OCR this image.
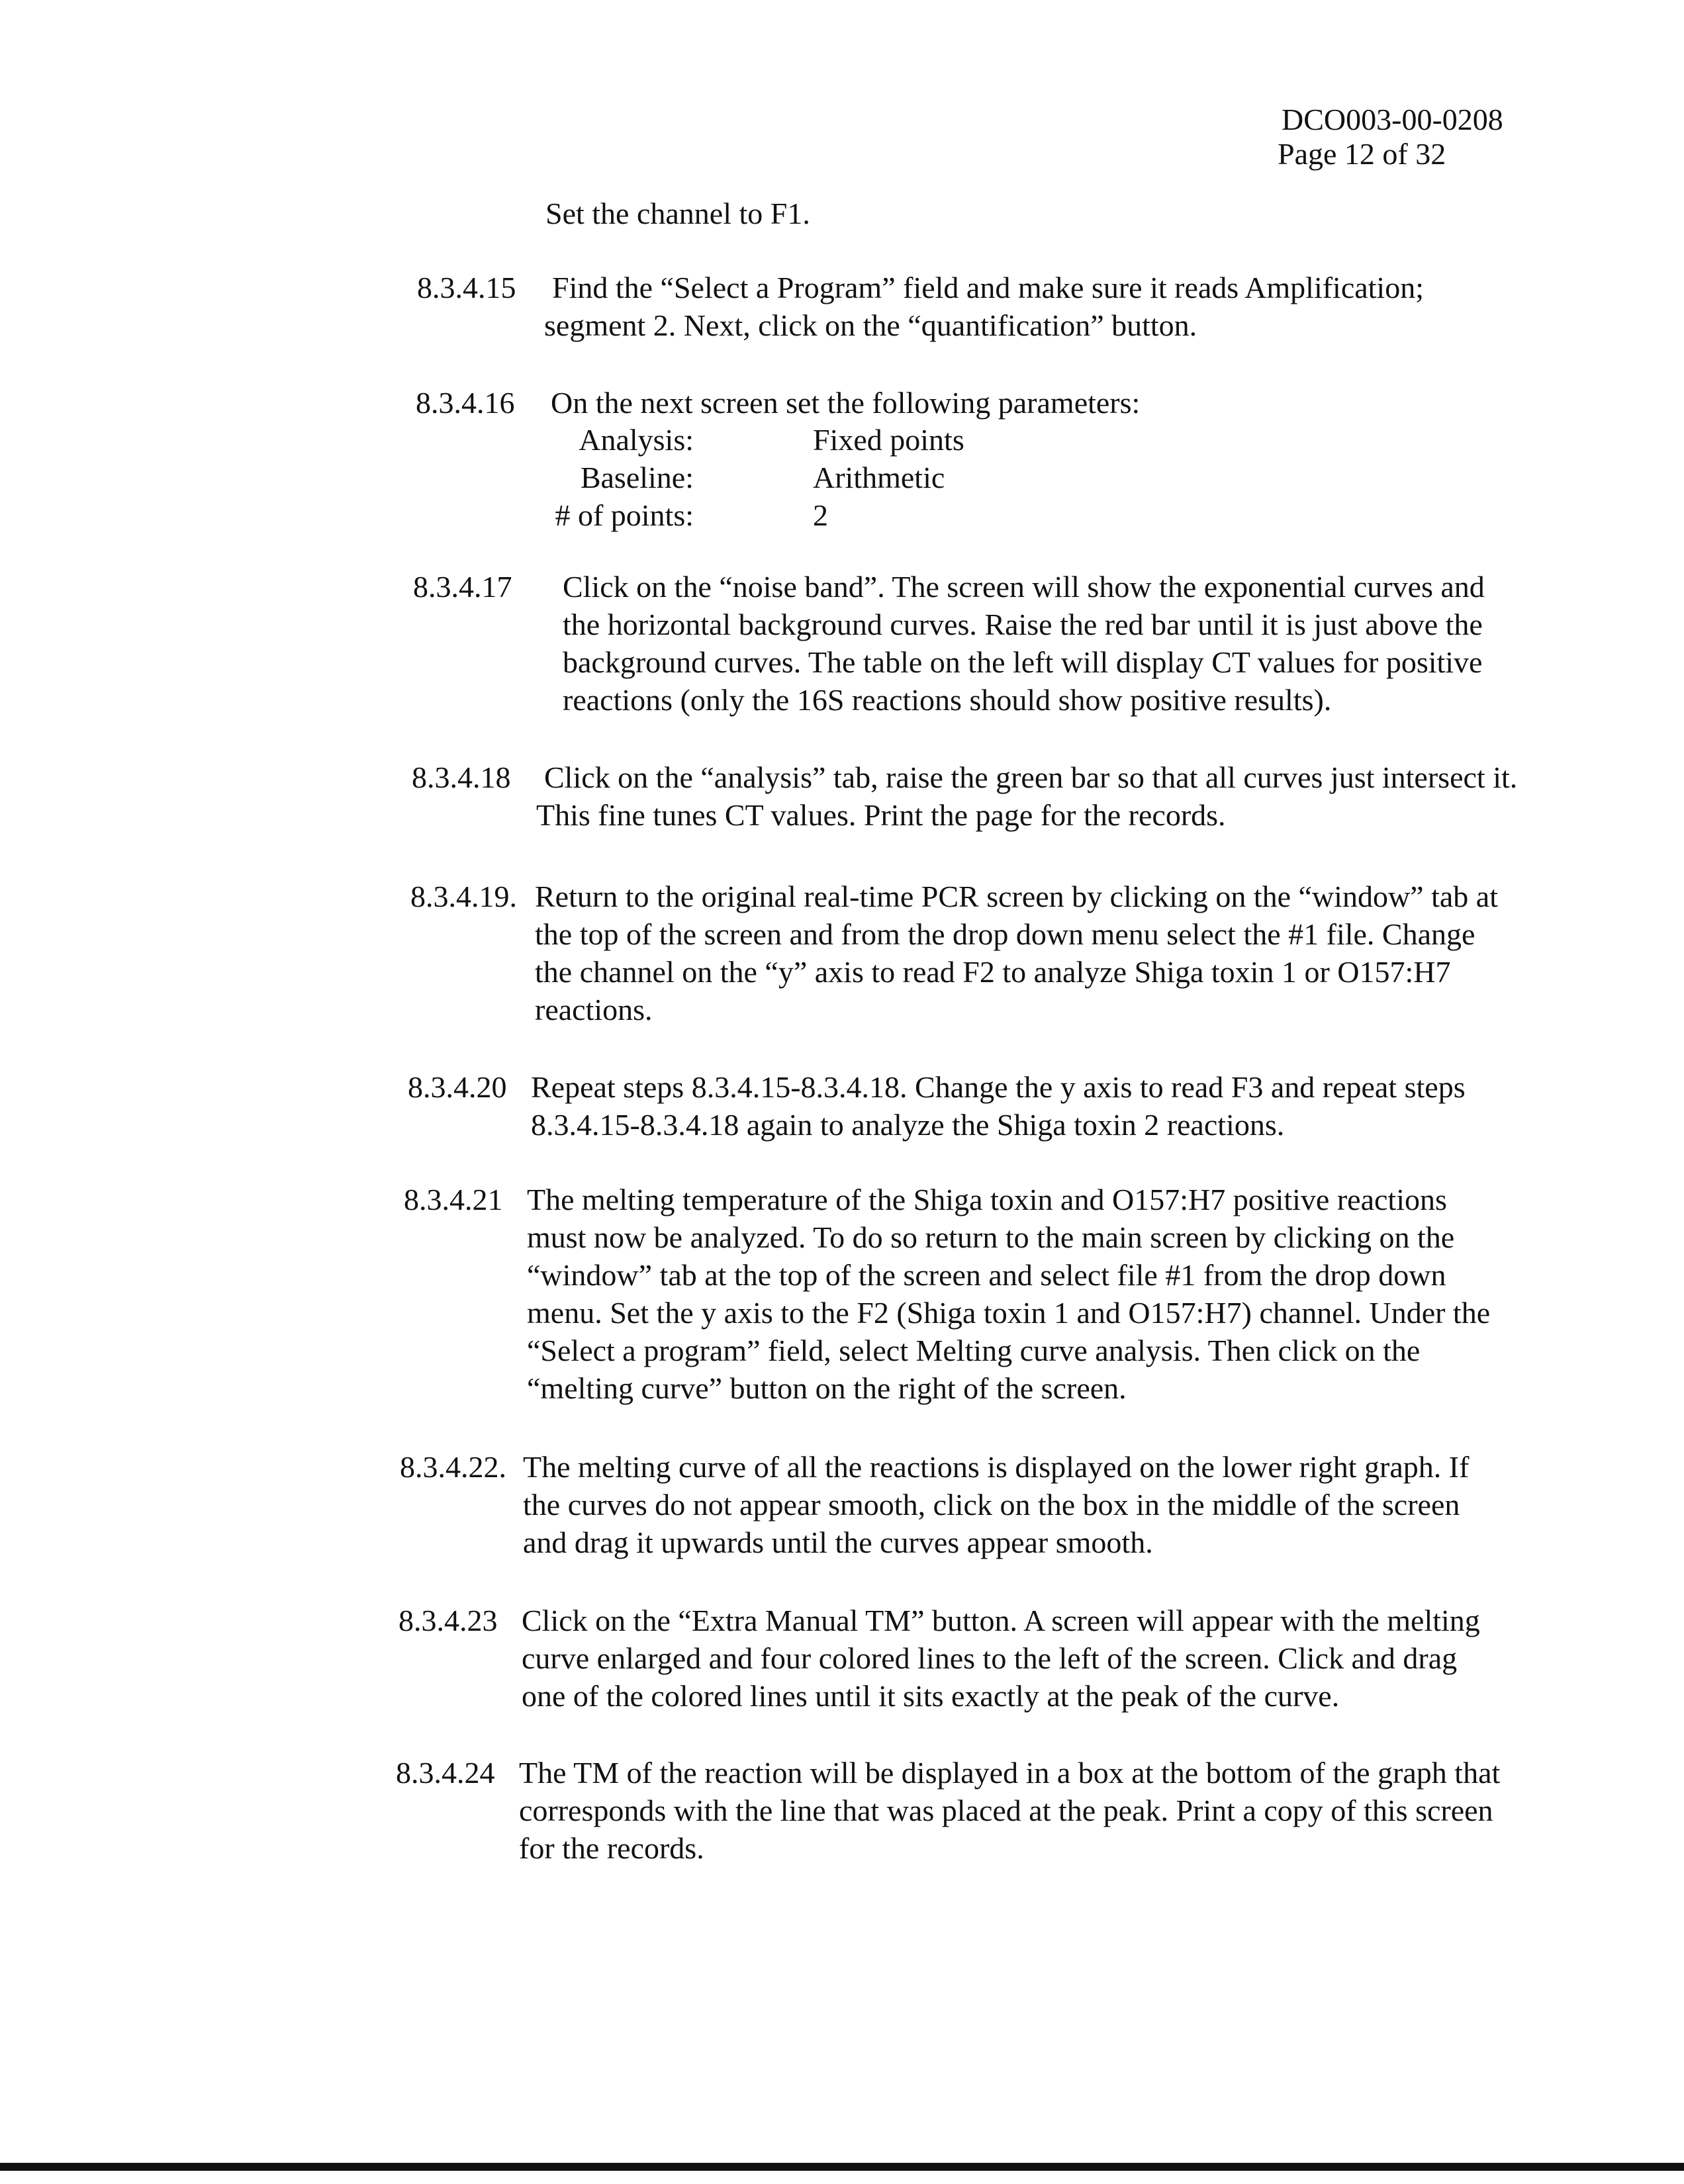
DCO003-00-0208
Page 12 of 32
Set the channel to F1.
8.3.4.15 Find the “Select a Program” field and make sure it reads Amplification;
segment 2. Next, click on the “quantification” button.
8.3.4.16 On the next screen set the following parameters:
Analysis:	Fixed points
Baseline:	Arithmetic
# of points:	2
8.3.4.17 Click on the “noise band”. The screen will show the exponential curves and
the horizontal background curves. Raise the red bar until it is just above the
background curves. The table on the left will display CT values for positive
reactions (only the 16S reactions should show positive results).
8.3.4.18 Click on the “analysis” tab, raise the green bar so that all curves just intersect it.
This fine tunes CT values. Print the page for the records.
8.3.4.19. Return to the original real-time PCR screen by clicking on the “window” tab at
the top of the screen and from the drop down menu select the #1 file. Change
the channel on the “y” axis to read F2 to analyze Shiga toxin 1 or O157:H7
reactions.
8.3.4.20 Repeat steps 8.3.4.15-8.3.4.18. Change the y axis to read F3 and repeat steps
8.3.4.15-8.3.4.18 again to analyze the Shiga toxin 2 reactions.
8.3.4.21 The melting temperature of the Shiga toxin and O157:H7 positive reactions
must now be analyzed. To do so return to the main screen by clicking on the
“window” tab at the top of the screen and select file #1 from the drop down
menu. Set the y axis to the F2 (Shiga toxin 1 and O157:H7) channel. Under the
“Select a program” field, select Melting curve analysis. Then click on the
“melting curve” button on the right of the screen.
8.3.4.22. The melting curve of all the reactions is displayed on the lower right graph. If
the curves do not appear smooth, click on the box in the middle of the screen
and drag it upwards until the curves appear smooth.
8.3.4.23 Click on the “Extra Manual TM” button. A screen will appear with the melting
curve enlarged and four colored lines to the left of the screen. Click and drag
one of the colored lines until it sits exactly at the peak of the curve.
8.3.4.24 The TM of the reaction will be displayed in a box at the bottom of the graph that
corresponds with the line that was placed at the peak. Print a copy of this screen
for the records.
